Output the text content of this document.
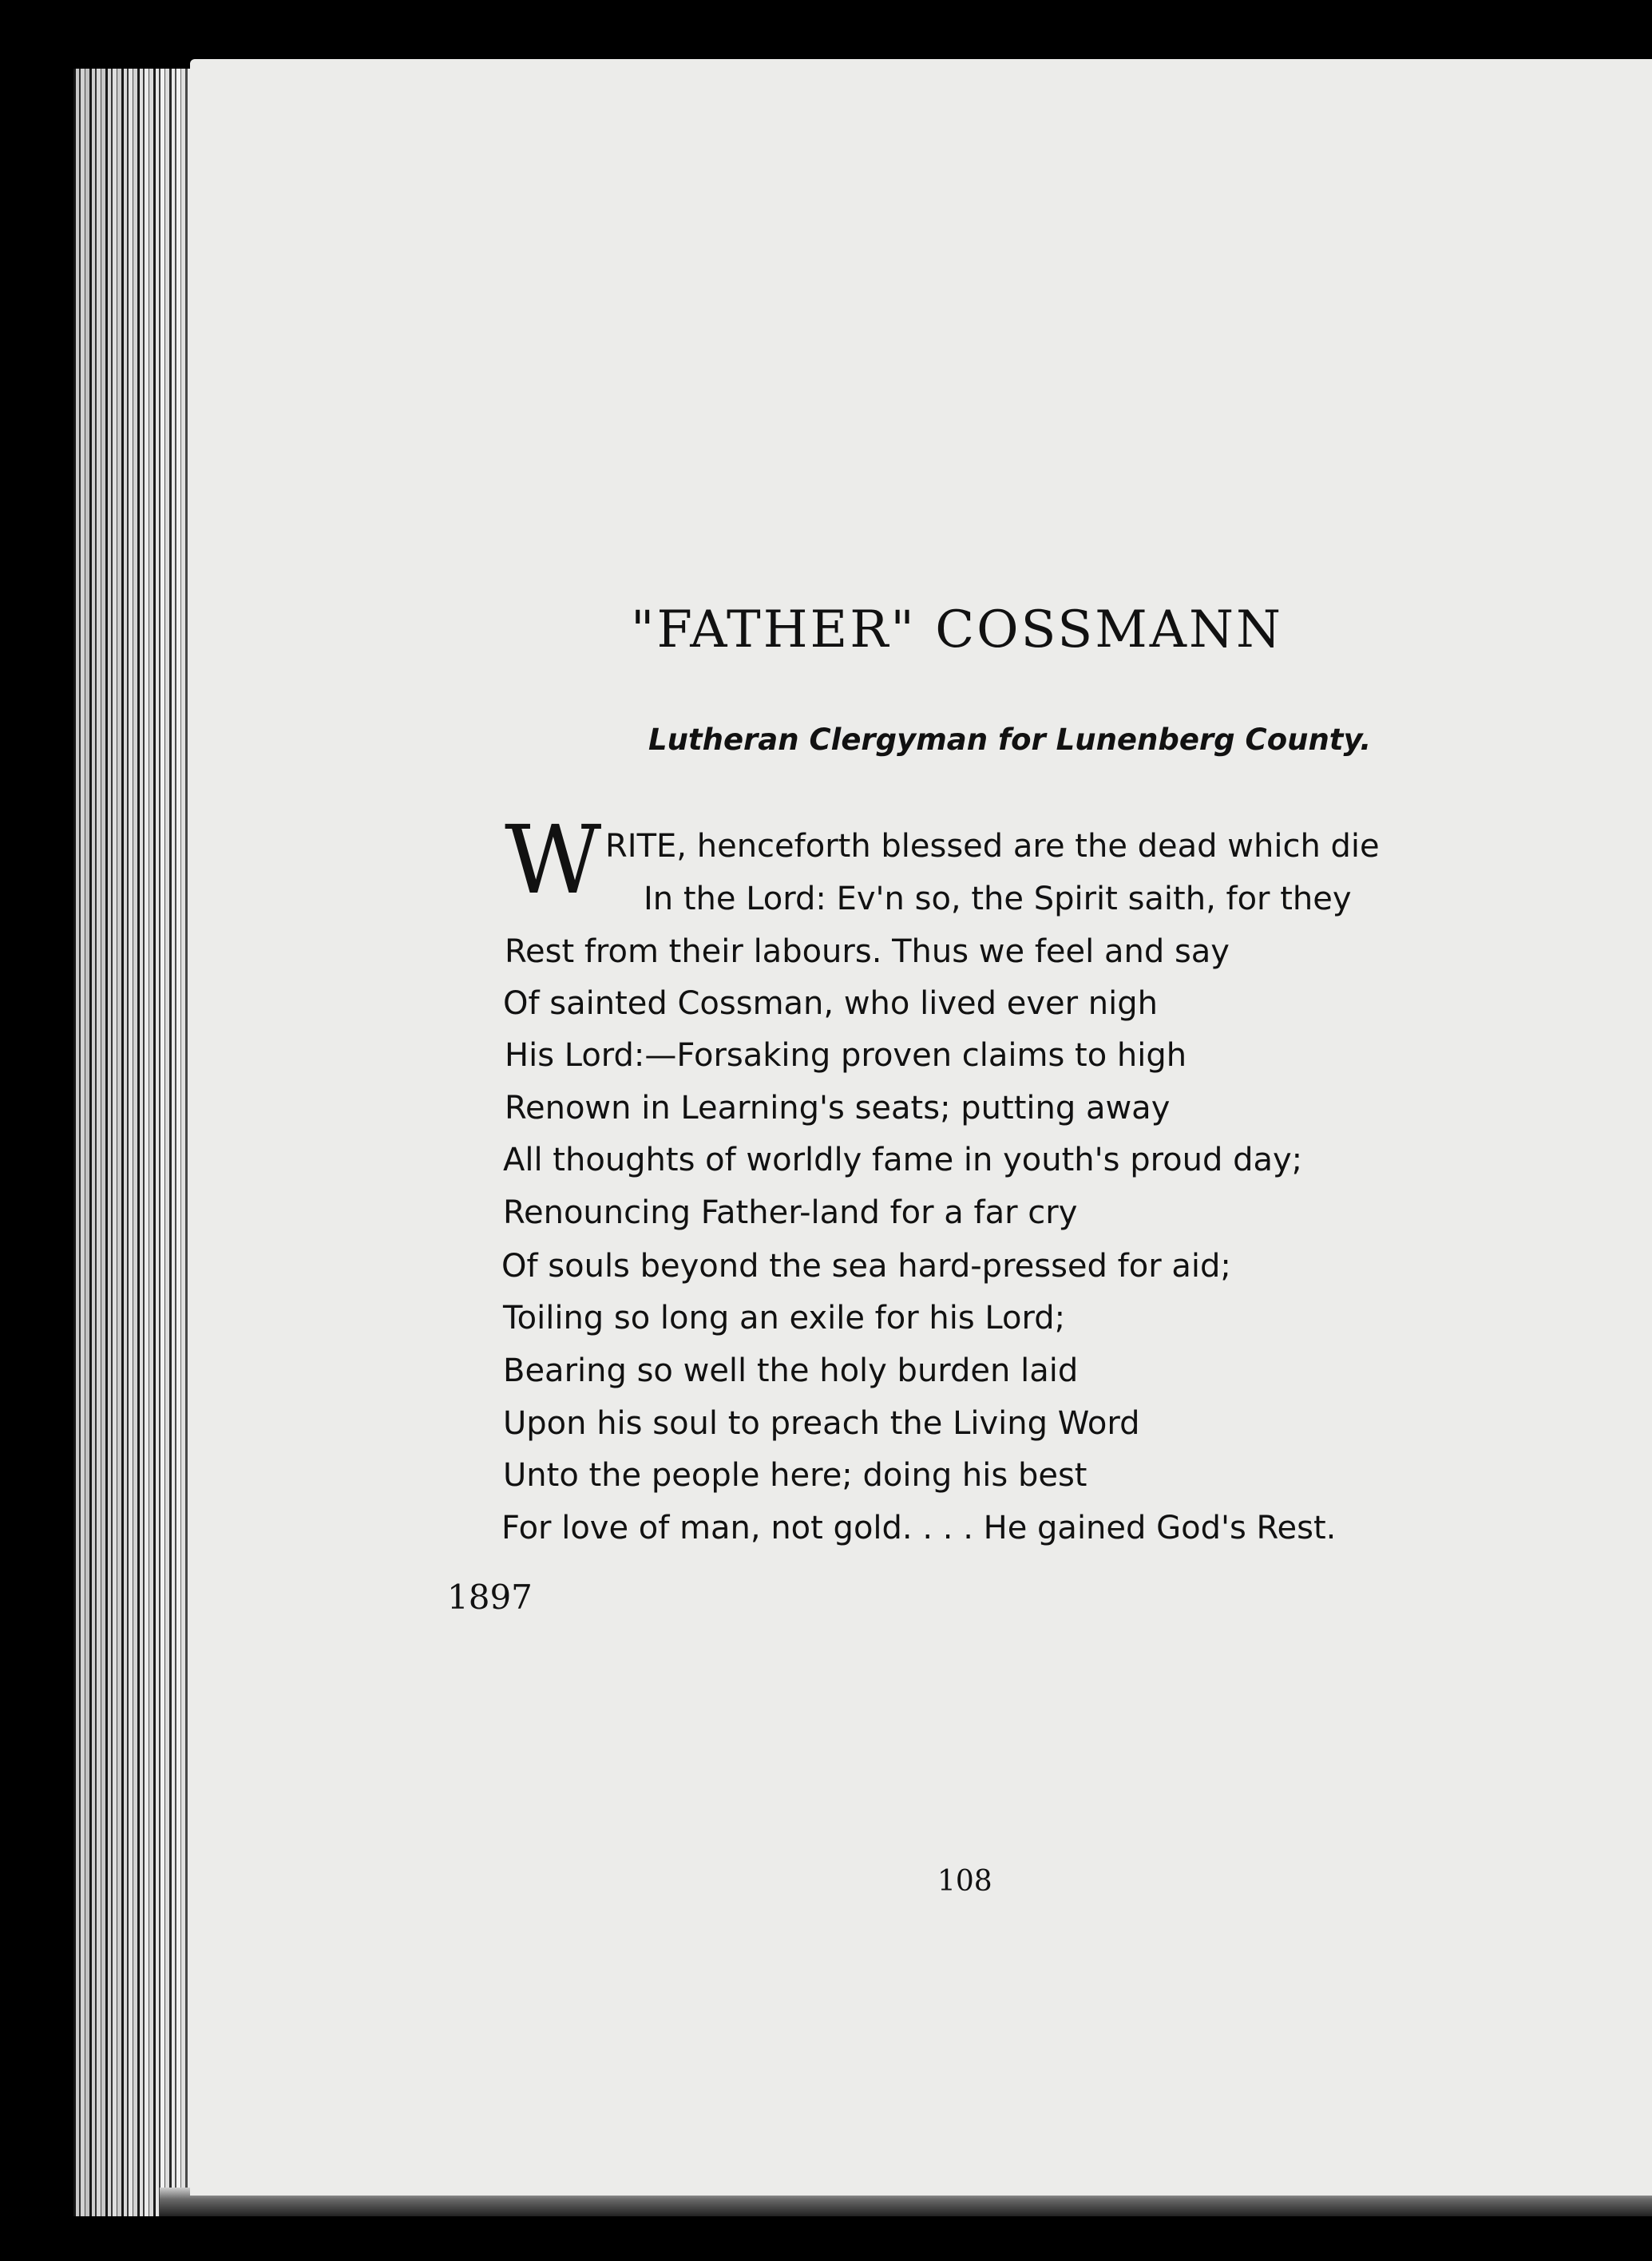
"FATHER" COSSMANN
Lutheran Clergyman for Lunenberg County.
W RITE, henceforth blessed are the dead which die
In the Lord: Ev'n so, the Spirit saith, for they
Rest from their labours. Thus we feel and say
Of sainted Cossman, who lived ever nigh
His Lord:—Forsaking proven claims to high
Renown in Learning's seats; putting away
All thoughts of worldly fame in youth's proud day;
Renouncing Father-land for a far cry
Of souls beyond the sea hard-pressed for aid;
Toiling so long an exile for his Lord;
Bearing so well the holy burden laid
Upon his soul to preach the Living Word
Unto the people here; doing his best
For love of man, not gold. . . . He gained God's Rest.
1897
108
